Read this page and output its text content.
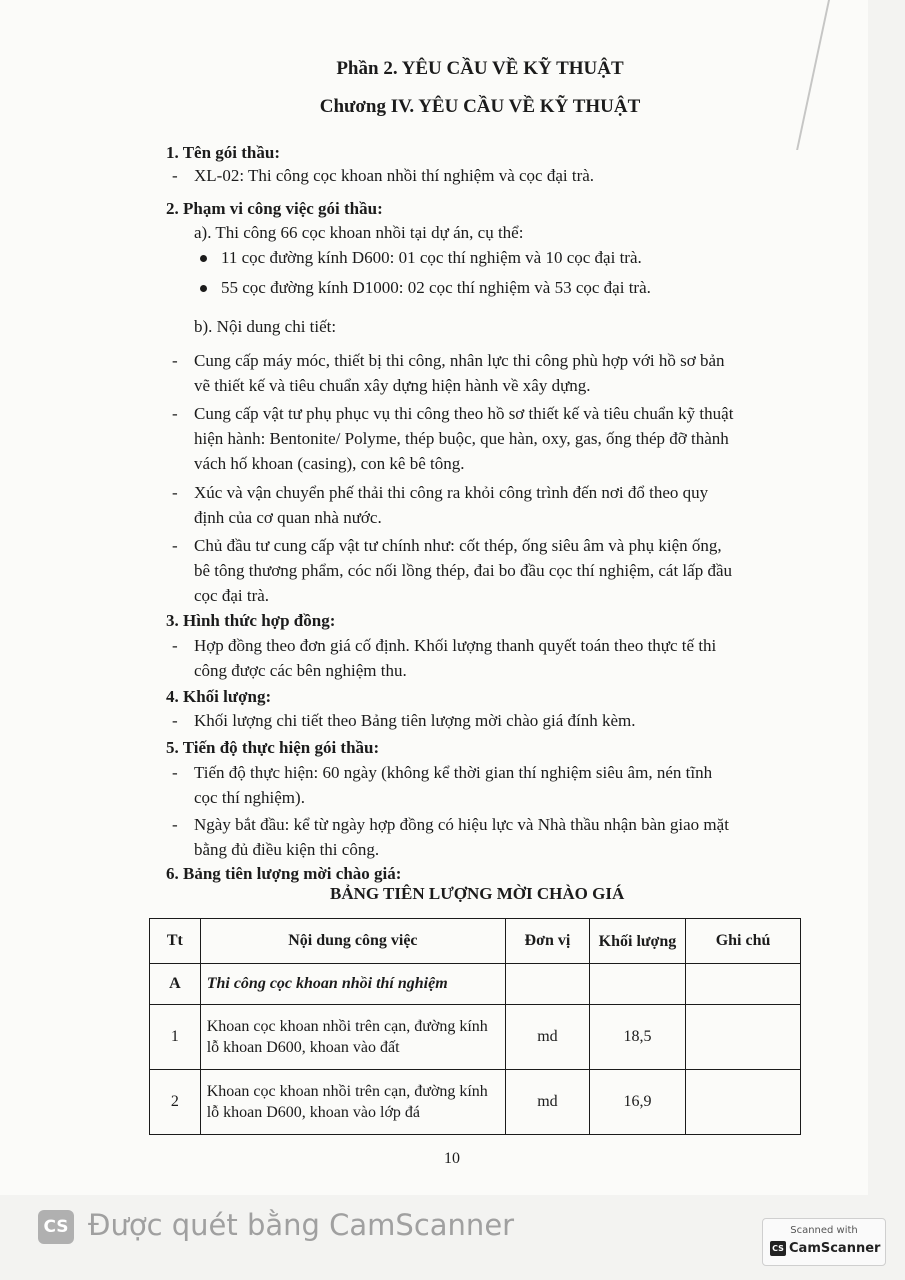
Phần 2. YÊU CẦU VỀ KỸ THUẬT
Chương IV. YÊU CẦU VỀ KỸ THUẬT
1. Tên gói thầu:
- XL-02: Thi công cọc khoan nhồi thí nghiệm và cọc đại trà.
2. Phạm vi công việc gói thầu:
a). Thi công 66 cọc khoan nhồi tại dự án, cụ thể:
11 cọc đường kính D600: 01 cọc thí nghiệm và 10 cọc đại trà.
55 cọc đường kính D1000: 02 cọc thí nghiệm và 53 cọc đại trà.
b). Nội dung chi tiết:
- Cung cấp máy móc, thiết bị thi công, nhân lực thi công phù hợp với hồ sơ bản
vẽ thiết kế và tiêu chuẩn xây dựng hiện hành về xây dựng.
- Cung cấp vật tư phụ phục vụ thi công theo hồ sơ thiết kế và tiêu chuẩn kỹ thuật
hiện hành: Bentonite/ Polyme, thép buộc, que hàn, oxy, gas, ống thép đỡ thành
vách hố khoan (casing), con kê bê tông.
- Xúc và vận chuyển phế thải thi công ra khỏi công trình đến nơi đổ theo quy
định của cơ quan nhà nước.
- Chủ đầu tư cung cấp vật tư chính như: cốt thép, ống siêu âm và phụ kiện ống,
bê tông thương phẩm, cóc nối lồng thép, đai bo đầu cọc thí nghiệm, cát lấp đầu
cọc đại trà.
3. Hình thức hợp đồng:
- Hợp đồng theo đơn giá cố định. Khối lượng thanh quyết toán theo thực tế thi
công được các bên nghiệm thu.
4. Khối lượng:
- Khối lượng chi tiết theo Bảng tiên lượng mời chào giá đính kèm.
5. Tiến độ thực hiện gói thầu:
- Tiến độ thực hiện: 60 ngày (không kể thời gian thí nghiệm siêu âm, nén tĩnh
cọc thí nghiệm).
- Ngày bắt đầu: kể từ ngày hợp đồng có hiệu lực và Nhà thầu nhận bàn giao mặt
bằng đủ điều kiện thi công.
6. Bảng tiên lượng mời chào giá:
BẢNG TIÊN LƯỢNG MỜI CHÀO GIÁ
Tt	Nội dung công việc	Đơn vị	Khối lượng	Ghi chú
A	Thi công cọc khoan nhồi thí nghiệm			
1	Khoan cọc khoan nhồi trên cạn, đường kính lỗ khoan D600, khoan vào đất	md	18,5	
2	Khoan cọc khoan nhồi trên cạn, đường kính lỗ khoan D600, khoan vào lớp đá	md	16,9	
10
CS Được quét bằng CamScanner	Scanned with
CS CamScanner
